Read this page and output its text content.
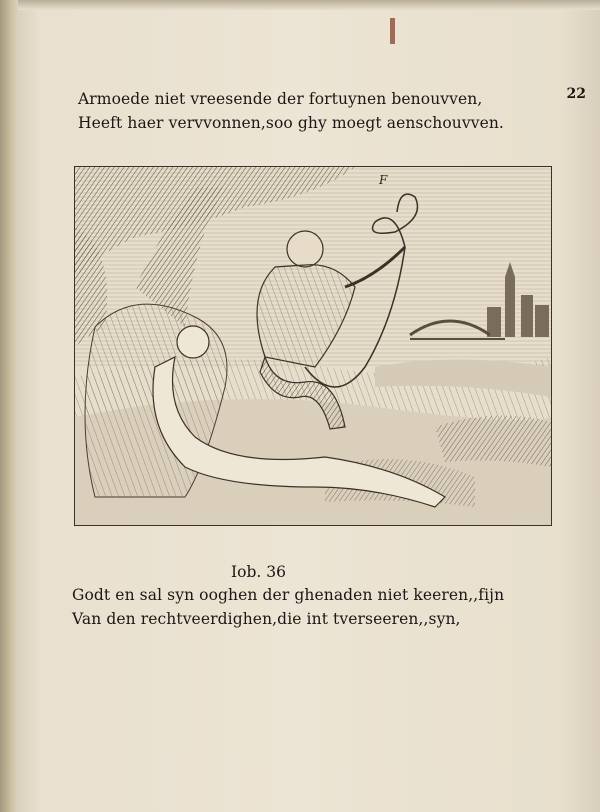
22
Armoede niet vreesende der fortuynen benouvven,
Heeft haer vervvonnen,soo ghy moegt aenschouvven.
F
Iob. 36
Godt en sal syn ooghen der ghenaden niet keeren,,fijn
Van den rechtveerdighen,die int tverseeren,,syn,
